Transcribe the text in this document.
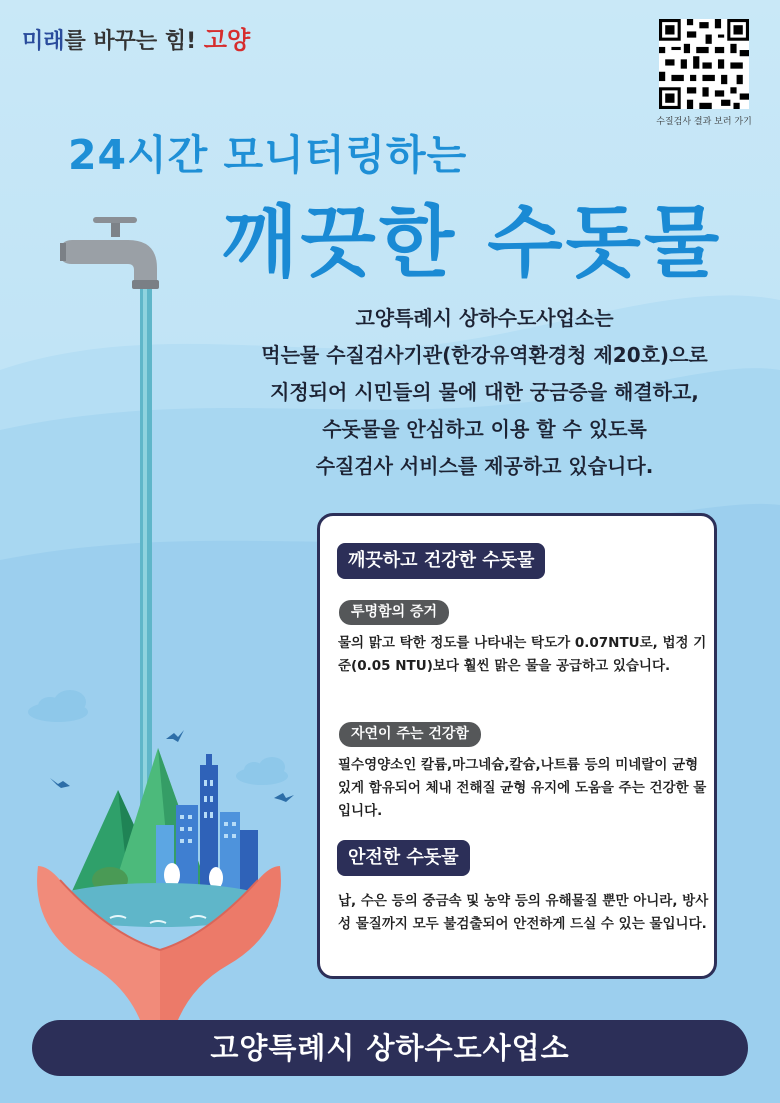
미래를 바꾸는 힘! 고양
수질검사 결과 보러 가기
24시간 모니터링하는
깨끗한 수돗물
고양특례시 상하수도사업소는
먹는물 수질검사기관(한강유역환경청 제20호)으로
지정되어 시민들의 물에 대한 궁금증을 해결하고,
수돗물을 안심하고 이용 할 수 있도록
수질검사 서비스를 제공하고 있습니다.
깨끗하고 건강한 수돗물
투명함의 증거
물의 맑고 탁한 정도를 나타내는 탁도가 0.07NTU로, 법정 기준(0.05 NTU)보다 훨씬 맑은 물을 공급하고 있습니다.
자연이 주는 건강함
필수영양소인 칼륨,마그네슘,칼슘,나트륨 등의 미네랄이 균형있게 함유되어 체내 전해질 균형 유지에 도움을 주는 건강한 물입니다.
안전한 수돗물
납, 수은 등의 중금속 및 농약 등의 유해물질 뿐만 아니라, 방사성 물질까지 모두 불검출되어 안전하게 드실 수 있는 물입니다.
고양특례시 상하수도사업소
